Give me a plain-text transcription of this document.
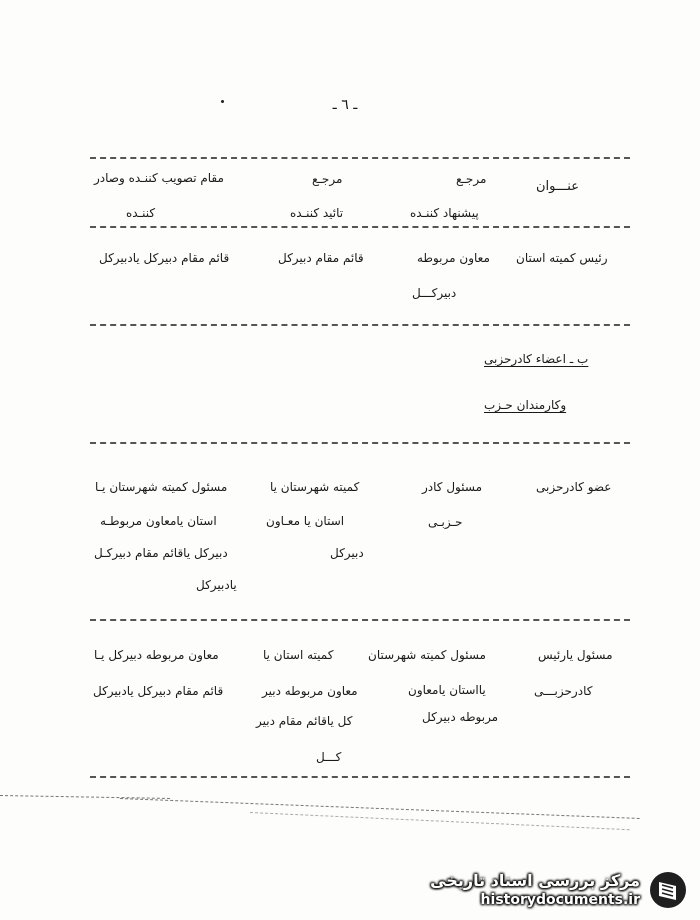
ـ ٦ ـ
عنـــوان
مرجـع
پیشنهاد کننـده
مرجـع
تائید کننـده
مقام تصویب کننـده وصادر
کننـده
رئیس کمیته استان
معاون مربوطه
دبیرکـــل
قائم مقام دبیرکل
قائم مقام دبیرکل یادبیرکل
ب ـ اعضاء کادرحزبی
وکارمندان حـزب
عضو کادرحزبی
مسئول کادر
حـزبـی
کمیته شهرستان یا
استان یا معـاون
دبیرکل
مسئول کمیته شهرستان یـا
استان یامعاون مربوطـه
دبیرکل یاقائم مقام دبیرکـل
یادبیرکل
مسئول یارئیس
کادرحزبـــی
مسئول کمیته شهرستان
یااستان یامعاون
مربوطه دبیرکل
کمیته استان یا
معاون مربوطه دبیر
کل یاقائم مقام دبیر
کـــل
معاون مربوطه دبیرکل یـا
قائم مقام دبیرکل یادبیرکل
مرکز بررسی اسناد تاریخی
historydocuments.ir
